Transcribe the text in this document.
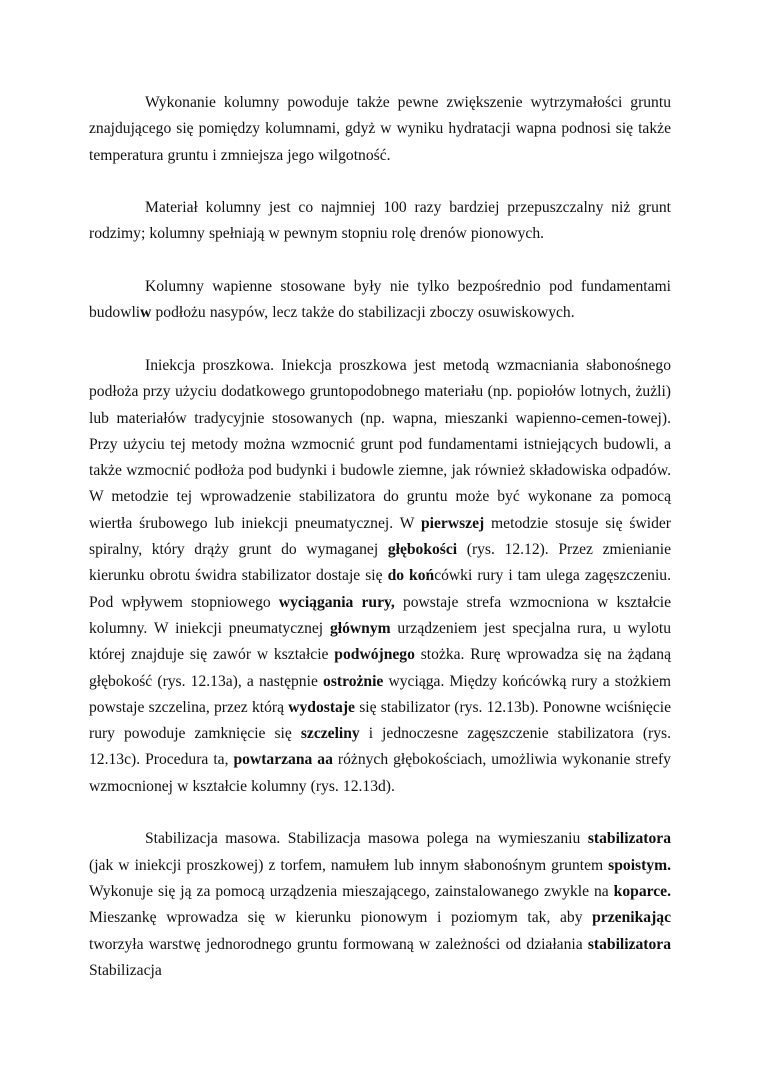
Wykonanie kolumny powoduje także pewne zwiększenie wytrzymałości gruntu znajdującego się pomiędzy kolumnami, gdyż w wyniku hydratacji wapna podnosi się także temperatura gruntu i zmniejsza jego wilgotność.

Materiał kolumny jest co najmniej 100 razy bardziej przepuszczalny niż grunt rodzimy; kolumny spełniają w pewnym stopniu rolę drenów pionowych.

Kolumny wapienne stosowane były nie tylko bezpośrednio pod fundamentami budowliw podłożu nasypów, lecz także do stabilizacji zboczy osuwiskowych.

Iniekcja proszkowa. Iniekcja proszkowa jest metodą wzmacniania słabonośnego podłoża przy użyciu dodatkowego gruntopodobnego materiału (np. popiołów lotnych, żużli) lub materiałów tradycyjnie stosowanych (np. wapna, mieszanki wapienno-cemen-towej). Przy użyciu tej metody można wzmocnić grunt pod fundamentami istniejących budowli, a także wzmocnić podłoża pod budynki i budowle ziemne, jak również składowiska odpadów. W metodzie tej wprowadzenie stabilizatora do gruntu może być wykonane za pomocą wiertła śrubowego lub iniekcji pneumatycznej. W pierwszej metodzie stosuje się świder spiralny, który drąży grunt do wymaganej głębokości (rys. 12.12). Przez zmienianie kierunku obrotu świdra stabilizator dostaje się do końcówki rury i tam ulega zagęszczeniu. Pod wpływem stopniowego wyciągania rury, powstaje strefa wzmocniona w kształcie kolumny. W iniekcji pneumatycznej głównym urządzeniem jest specjalna rura, u wylotu której znajduje się zawór w kształcie podwójnego stożka. Rurę wprowadza się na żądaną głębokość (rys. 12.13a), a następnie ostrożnie wyciąga. Między końcówką rury a stożkiem powstaje szczelina, przez którą wydostaje się stabilizator (rys. 12.13b). Ponowne wciśnięcie rury powoduje zamknięcie się szczeliny i jednoczesne zagęszczenie stabilizatora (rys. 12.13c). Procedura ta, powtarzana aa różnych głębokościach, umożliwia wykonanie strefy wzmocnionej w kształcie kolumny (rys. 12.13d).

Stabilizacja masowa. Stabilizacja masowa polega na wymieszaniu stabilizatora (jak w iniekcji proszkowej) z torfem, namułem lub innym słabonośnym gruntem spoistym. Wykonuje się ją za pomocą urządzenia mieszającego, zainstalowanego zwykle na koparce. Mieszankę wprowadza się w kierunku pionowym i poziomym tak, aby przenikając tworzyła warstwę jednorodnego gruntu formowaną w zależności od działania stabilizatora Stabilizacja
